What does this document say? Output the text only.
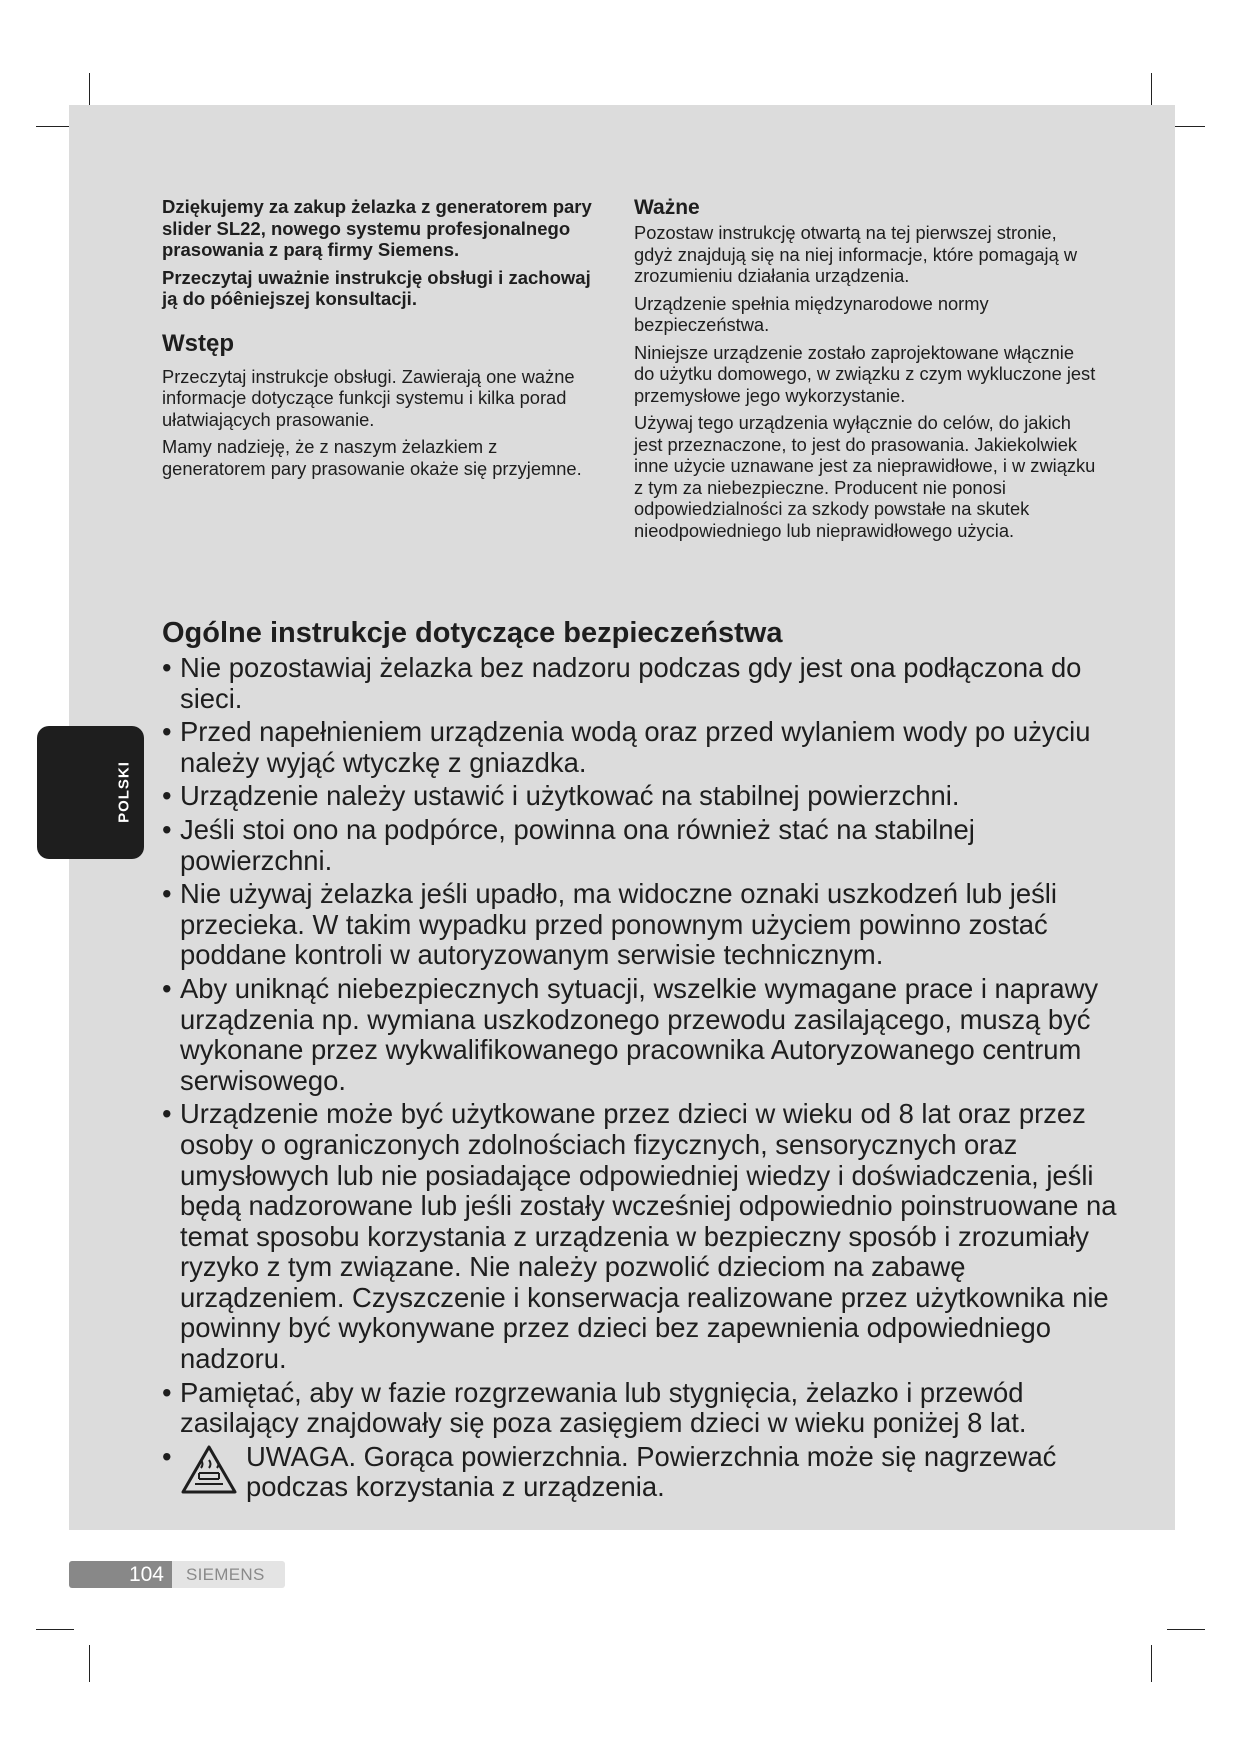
POLSKI

Dziękujemy za zakup żelazka z generatorem pary slider SL22, nowego systemu profesjonalnego prasowania z parą firmy Siemens.

Przeczytaj uważnie instrukcję obsługi i zachowaj ją do póêniejszej konsultacji.

Wstęp

Przeczytaj instrukcje obsługi. Zawierają one ważne informacje dotyczące funkcji systemu i kilka porad ułatwiających prasowanie.

Mamy nadzieję, że z naszym żelazkiem z generatorem pary prasowanie okaże się przyjemne.

Ważne

Pozostaw instrukcję otwartą na tej pierwszej stronie, gdyż znajdują się na niej informacje, które pomagają w zrozumieniu działania urządzenia.

Urządzenie spełnia międzynarodowe normy bezpieczeństwa.

Niniejsze urządzenie zostało zaprojektowane włącznie do użytku domowego, w związku z czym wykluczone jest przemysłowe jego wykorzystanie.

Używaj tego urządzenia wyłącznie do celów, do jakich jest przeznaczone, to jest do prasowania. Jakiekolwiek inne użycie uznawane jest za nieprawidłowe, i w związku z tym za niebezpieczne. Producent nie ponosi odpowiedzialności za szkody powstałe na skutek nieodpowiedniego lub nieprawidłowego użycia.

Ogólne instrukcje dotyczące bezpieczeństwa
• Nie pozostawiaj żelazka bez nadzoru podczas gdy jest ona podłączona do sieci.
• Przed napełnieniem urządzenia wodą oraz przed wylaniem wody po użyciu należy wyjąć wtyczkę z gniazdka.
• Urządzenie należy ustawić i użytkować na stabilnej powierzchni.
• Jeśli stoi ono na podpórce, powinna ona również stać na stabilnej powierzchni.
• Nie używaj żelazka jeśli upadło, ma widoczne oznaki uszkodzeń lub jeśli przecieka. W takim wypadku przed ponownym użyciem powinno zostać poddane kontroli w autoryzowanym serwisie technicznym.
• Aby uniknąć niebezpiecznych sytuacji, wszelkie wymagane prace i naprawy urządzenia np. wymiana uszkodzonego przewodu zasilającego, muszą być wykonane przez wykwalifikowanego pracownika Autoryzowanego centrum serwisowego.
• Urządzenie może być użytkowane przez dzieci w wieku od 8 lat oraz przez osoby o ograniczonych zdolnościach fizycznych, sensorycznych oraz umysłowych lub nie posiadające odpowiedniej wiedzy i doświadczenia, jeśli będą nadzorowane lub jeśli zostały wcześniej odpowiednio poinstruowane na temat sposobu korzystania z urządzenia w bezpieczny sposób i zrozumiały ryzyko z tym związane. Nie należy pozwolić dzieciom na zabawę urządzeniem. Czyszczenie i konserwacja realizowane przez użytkownika nie powinny być wykonywane przez dzieci bez zapewnienia odpowiedniego nadzoru.
• Pamiętać, aby w fazie rozgrzewania lub stygnięcia, żelazko i przewód zasilający znajdowały się poza zasięgiem dzieci w wieku poniżej 8 lat.
•	UWAGA. Gorąca powierzchnia. Powierzchnia może się nagrzewać podczas korzystania z urządzenia.
104	SIEMENS
